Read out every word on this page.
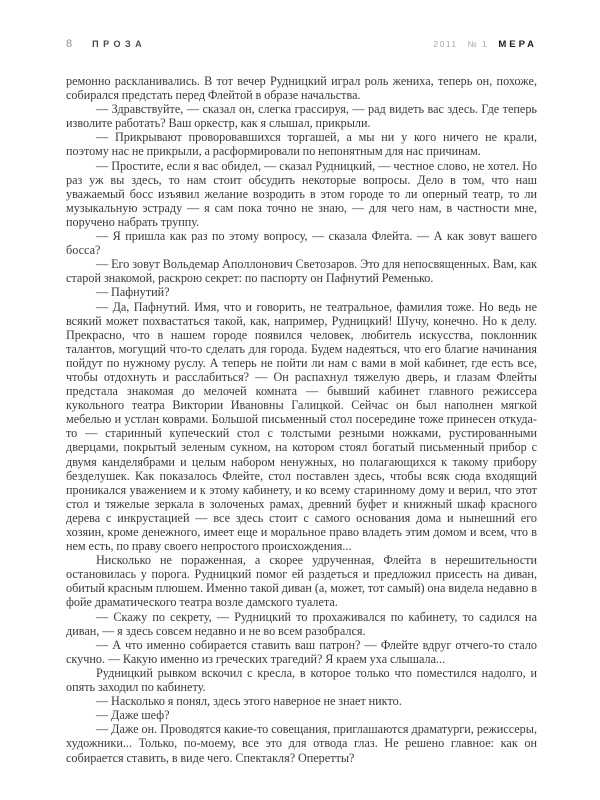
8 ПРОЗА	2011 № 1 МЕРА

ремонно раскланивались. В тот вечер Рудницкий играл роль жениха, теперь он, похоже, собирался предстать перед Флейтой в образе начальства.

— Здравствуйте, — сказал он, слегка грассируя, — рад видеть вас здесь. Где теперь изволите работать? Ваш оркестр, как я слышал, прикрыли.

— Прикрывают проворовавшихся торгашей, а мы ни у кого ничего не крали, поэтому нас не прикрыли, а расформировали по непонятным для нас причинам.

— Простите, если я вас обидел, — сказал Рудницкий, — честное слово, не хотел. Но раз уж вы здесь, то нам стоит обсудить некоторые вопросы. Дело в том, что наш уважаемый босс изъявил желание возродить в этом городе то ли оперный театр, то ли музыкальную эстраду — я сам пока точно не знаю, — для чего нам, в частности мне, поручено набрать труппу.

— Я пришла как раз по этому вопросу, — сказала Флейта. — А как зовут вашего босса?

— Его зовут Вольдемар Аполлонович Светозаров. Это для непосвященных. Вам, как старой знакомой, раскрою секрет: по паспорту он Пафнутий Ременько.

— Пафнутий?

— Да, Пафнутий. Имя, что и говорить, не театральное, фамилия тоже. Но ведь не всякий может похвастаться такой, как, например, Рудницкий! Шучу, конечно. Но к делу. Прекрасно, что в нашем городе появился человек, любитель искусства, поклонник талантов, могущий что-то сделать для города. Будем надеяться, что его благие начинания пойдут по нужному руслу. А теперь не пойти ли нам с вами в мой кабинет, где есть все, чтобы отдохнуть и расслабиться? — Он распахнул тяжелую дверь, и глазам Флейты предстала знакомая до мелочей комната — бывший кабинет главного режиссера кукольного театра Виктории Ивановны Галицкой. Сейчас он был наполнен мягкой мебелью и устлан коврами. Большой письменный стол посередине тоже принесен откуда-то — старинный купеческий стол с толстыми резными ножками, рустированными дверцами, покрытый зеленым сукном, на котором стоял богатый письменный прибор с двумя канделябрами и целым набором ненужных, но полагающихся к такому прибору безделушек. Как показалось Флейте, стол поставлен здесь, чтобы всяк сюда входящий проникался уважением и к этому кабинету, и ко всему старинному дому и верил, что этот стол и тяжелые зеркала в золоченых рамах, древний буфет и книжный шкаф красного дерева с инкрустацией — все здесь стоит с самого основания дома и нынешний его хозяин, кроме денежного, имеет еще и моральное право владеть этим домом и всем, что в нем есть, по праву своего непростого происхождения...

Нисколько не пораженная, а скорее удрученная, Флейта в нерешительности остановилась у порога. Рудницкий помог ей раздеться и предложил присесть на диван, обитый красным плюшем. Именно такой диван (а, может, тот самый) она видела недавно в фойе драматического театра возле дамского туалета.

— Скажу по секрету, — Рудницкий то прохаживался по кабинету, то садился на диван, — я здесь совсем недавно и не во всем разобрался.

— А что именно собирается ставить ваш патрон? — Флейте вдруг отчего-то стало скучно. — Какую именно из греческих трагедий? Я краем уха слышала...

Рудницкий рывком вскочил с кресла, в которое только что поместился надолго, и опять заходил по кабинету.

— Насколько я понял, здесь этого наверное не знает никто.

— Даже шеф?

— Даже он. Проводятся какие-то совещания, приглашаются драматурги, режиссеры, художники... Только, по-моему, все это для отвода глаз. Не решено главное: как он собирается ставить, в виде чего. Спектакля? Оперетты?
